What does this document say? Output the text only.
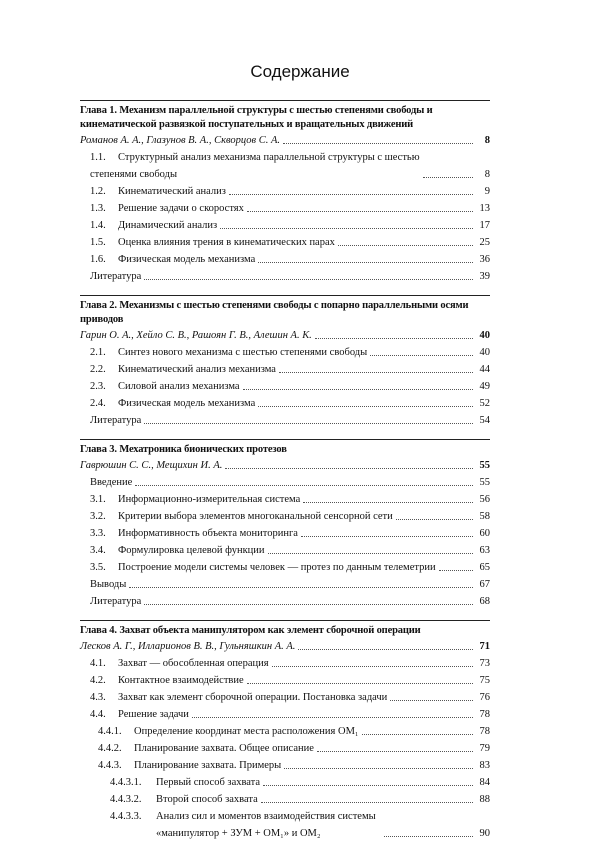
Содержание
Глава 1. Механизм параллельной структуры с шестью степенями свободы и кинематической развязкой поступательных и вращательных движений
Романов А. А., Глазунов В. А., Скворцов С. А.	8
1.1. Структурный анализ механизма параллельной структуры с шестью степенями свободы	8
1.2. Кинематический анализ	9
1.3. Решение задачи о скоростях	13
1.4. Динамический анализ	17
1.5. Оценка влияния трения в кинематических парах	25
1.6. Физическая модель механизма	36
Литература	39
Глава 2. Механизмы с шестью степенями свободы с попарно параллельными осями приводов
Гарин О. А., Хейло С. В., Рашоян Г. В., Алешин А. К.	40
2.1. Синтез нового механизма с шестью степенями свободы	40
2.2. Кинематический анализ механизма	44
2.3. Силовой анализ механизма	49
2.4. Физическая модель механизма	52
Литература	54
Глава 3. Мехатроника бионических протезов
Гаврюшин С. С., Мещихин И. А.	55
Введение	55
3.1. Информационно-измерительная система	56
3.2. Критерии выбора элементов многоканальной сенсорной сети	58
3.3. Информативность объекта мониторинга	60
3.4. Формулировка целевой функции	63
3.5. Построение модели системы человек — протез по данным телеметрии	65
Выводы	67
Литература	68
Глава 4. Захват объекта манипулятором как элемент сборочной операции
Лесков А. Г., Илларионов В. В., Гульняшкин А. А.	71
4.1. Захват — обособленная операция	73
4.2. Контактное взаимодействие	75
4.3. Захват как элемент сборочной операции. Постановка задачи	76
4.4. Решение задачи	78
4.4.1. Определение координат места расположения ОМ₁	78
4.4.2. Планирование захвата. Общее описание	79
4.4.3. Планирование захвата. Примеры	83
4.4.3.1. Первый способ захвата	84
4.4.3.2. Второй способ захвата	88
4.4.3.3.	Анализ сил и моментов взаимодействия системы «манипулятор + ЗУМ + ОМ₁» и ОМ₂	90
